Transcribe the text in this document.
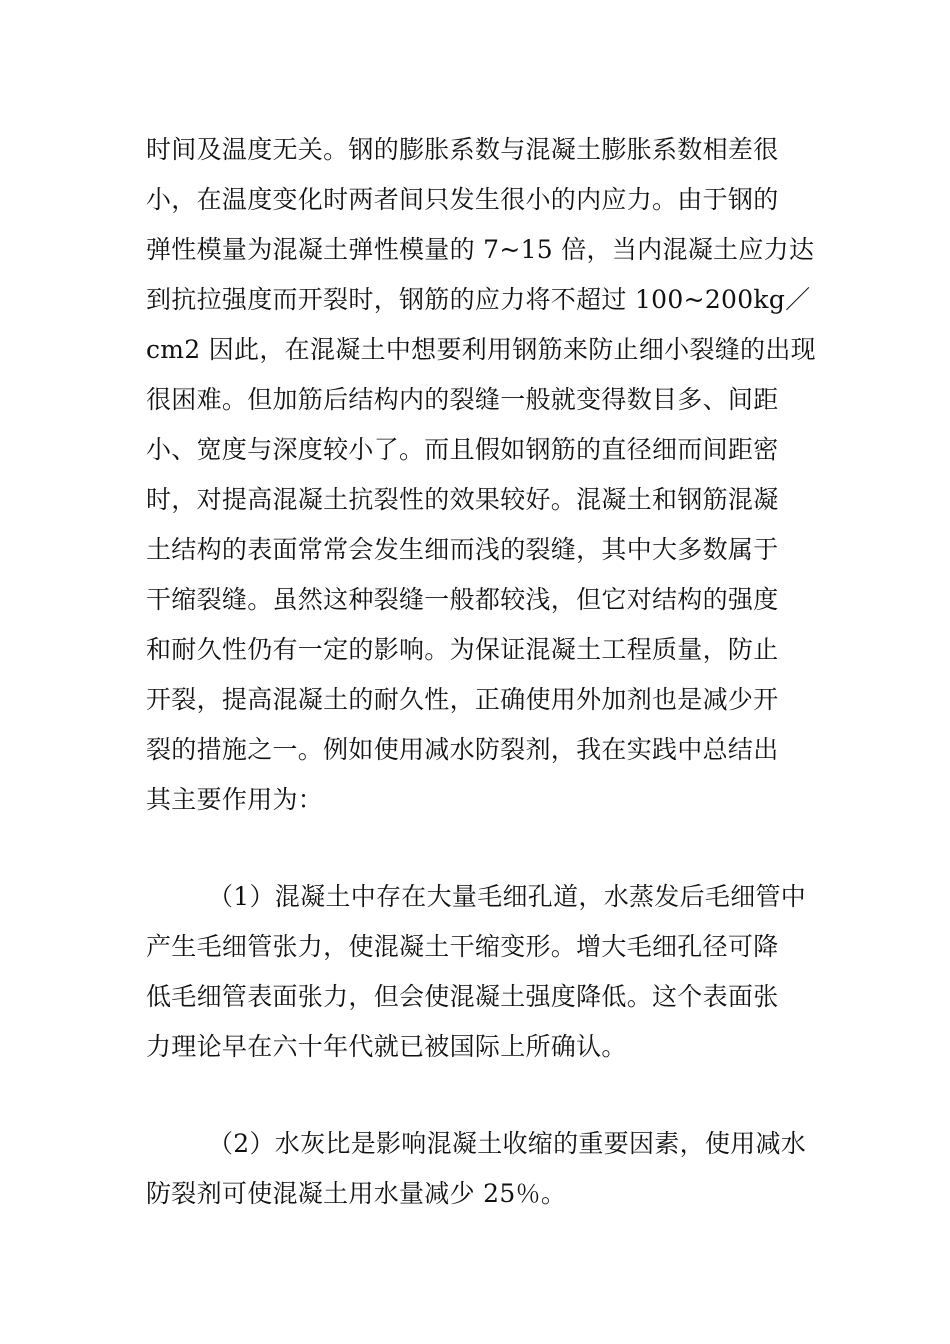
时间及温度无关。钢的膨胀系数与混凝土膨胀系数相差很
小，在温度变化时两者间只发生很小的内应力。由于钢的
弹性模量为混凝土弹性模量的 7~15 倍，当内混凝土应力达
到抗拉强度而开裂时，钢筋的应力将不超过 100~200kg／
cm2 因此，在混凝土中想要利用钢筋来防止细小裂缝的出现
很困难。但加筋后结构内的裂缝一般就变得数目多、间距
小、宽度与深度较小了。而且假如钢筋的直径细而间距密
时，对提高混凝土抗裂性的效果较好。混凝土和钢筋混凝
土结构的表面常常会发生细而浅的裂缝，其中大多数属于
干缩裂缝。虽然这种裂缝一般都较浅，但它对结构的强度
和耐久性仍有一定的影响。为保证混凝土工程质量，防止
开裂，提高混凝土的耐久性，正确使用外加剂也是减少开
裂的措施之一。例如使用减水防裂剂，我在实践中总结出
其主要作用为：
（1）混凝土中存在大量毛细孔道，水蒸发后毛细管中
产生毛细管张力，使混凝土干缩变形。增大毛细孔径可降
低毛细管表面张力，但会使混凝土强度降低。这个表面张
力理论早在六十年代就已被国际上所确认。
（2）水灰比是影响混凝土收缩的重要因素，使用减水
防裂剂可使混凝土用水量减少 25％。
